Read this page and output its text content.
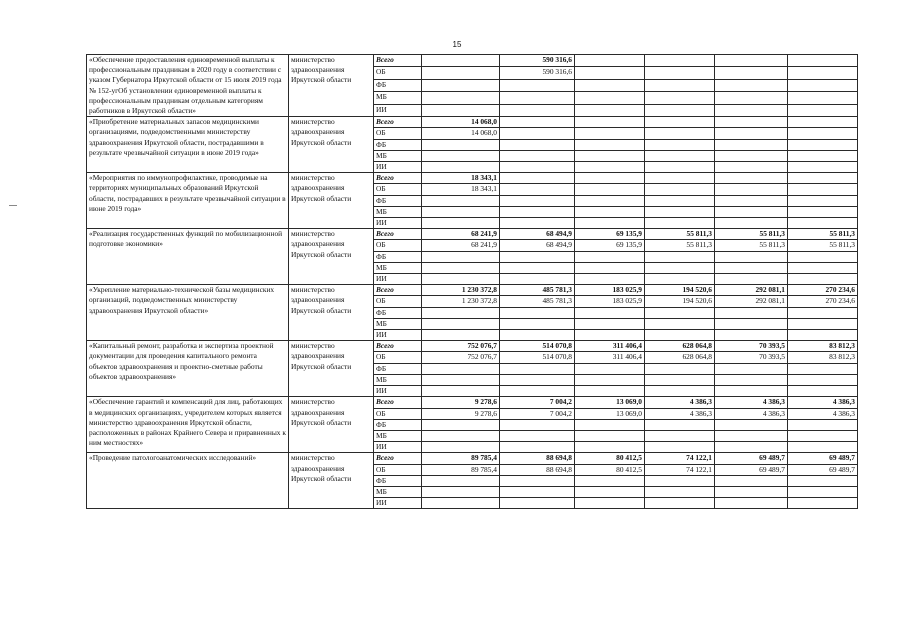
15
«Обеспечение предоставления единовременной выплаты к профессиональным праздникам в 2020 году в соответствии с указом Губернатора Иркутской области от 15 июля 2019 года № 152-угОб установлении единовременной выплаты к профессиональным праздникам отдельным категориям работников в Иркутской области»	министерство здравоохранения Иркутской области	Всего		590 316,6				
		ОБ		590 316,6				
		ФБ						
		МБ						
		ИИ						
«Приобретение материальных запасов медицинскими организациями, подведомственными министерству здравоохранения Иркутской области, пострадавшими в результате чрезвычайной ситуации в июне 2019 года»	министерство здравоохранения Иркутской области	Всего	14 068,0					
		ОБ	14 068,0					
		ФБ						
		МБ						
		ИИ						
«Мероприятия по иммунопрофилактике, проводимые на территориях муниципальных образований Иркутской области, пострадавших в результате чрезвычайной ситуации в июне 2019 года»	министерство здравоохранения Иркутской области	Всего	18 343,1					
		ОБ	18 343,1					
		ФБ						
		МБ						
		ИИ						
«Реализация государственных функций по мобилизационной подготовке экономики»	министерство здравоохранения Иркутской области	Всего	68 241,9	68 494,9	69 135,9	55 811,3	55 811,3	55 811,3
		ОБ	68 241,9	68 494,9	69 135,9	55 811,3	55 811,3	55 811,3
		ФБ						
		МБ						
		ИИ						
«Укрепление материально-технической базы медицинских организаций, подведомственных министерству здравоохранения Иркутской области»	министерство здравоохранения Иркутской области	Всего	1 230 372,8	485 781,3	183 025,9	194 520,6	292 081,1	270 234,6
		ОБ	1 230 372,8	485 781,3	183 025,9	194 520,6	292 081,1	270 234,6
		ФБ						
		МБ						
		ИИ						
«Капитальный ремонт, разработка и экспертиза проектной документации для проведения капитального ремонта объектов здравоохранения и проектно-сметные работы объектов здравоохранения»	министерство здравоохранения Иркутской области	Всего	752 076,7	514 070,8	311 406,4	628 064,8	70 393,5	83 812,3
		ОБ	752 076,7	514 070,8	311 406,4	628 064,8	70 393,5	83 812,3
		ФБ						
		МБ						
		ИИ						
«Обеспечение гарантий и компенсаций для лиц, работающих в медицинских организациях, учредителем которых является министерство здравоохранения Иркутской области, расположенных в районах Крайнего Севера и приравненных к ним местностях»	министерство здравоохранения Иркутской области	Всего	9 278,6	7 004,2	13 069,0	4 386,3	4 386,3	4 386,3
		ОБ	9 278,6	7 004,2	13 069,0	4 386,3	4 386,3	4 386,3
		ФБ						
		МБ						
		ИИ						
«Проведение патологоанатомических исследований»	министерство здравоохранения Иркутской области	Всего	89 785,4	88 694,8	80 412,5	74 122,1	69 489,7	69 489,7
		ОБ	89 785,4	88 694,8	80 412,5	74 122,1	69 489,7	69 489,7
		ФБ						
		МБ						
		ИИ						
